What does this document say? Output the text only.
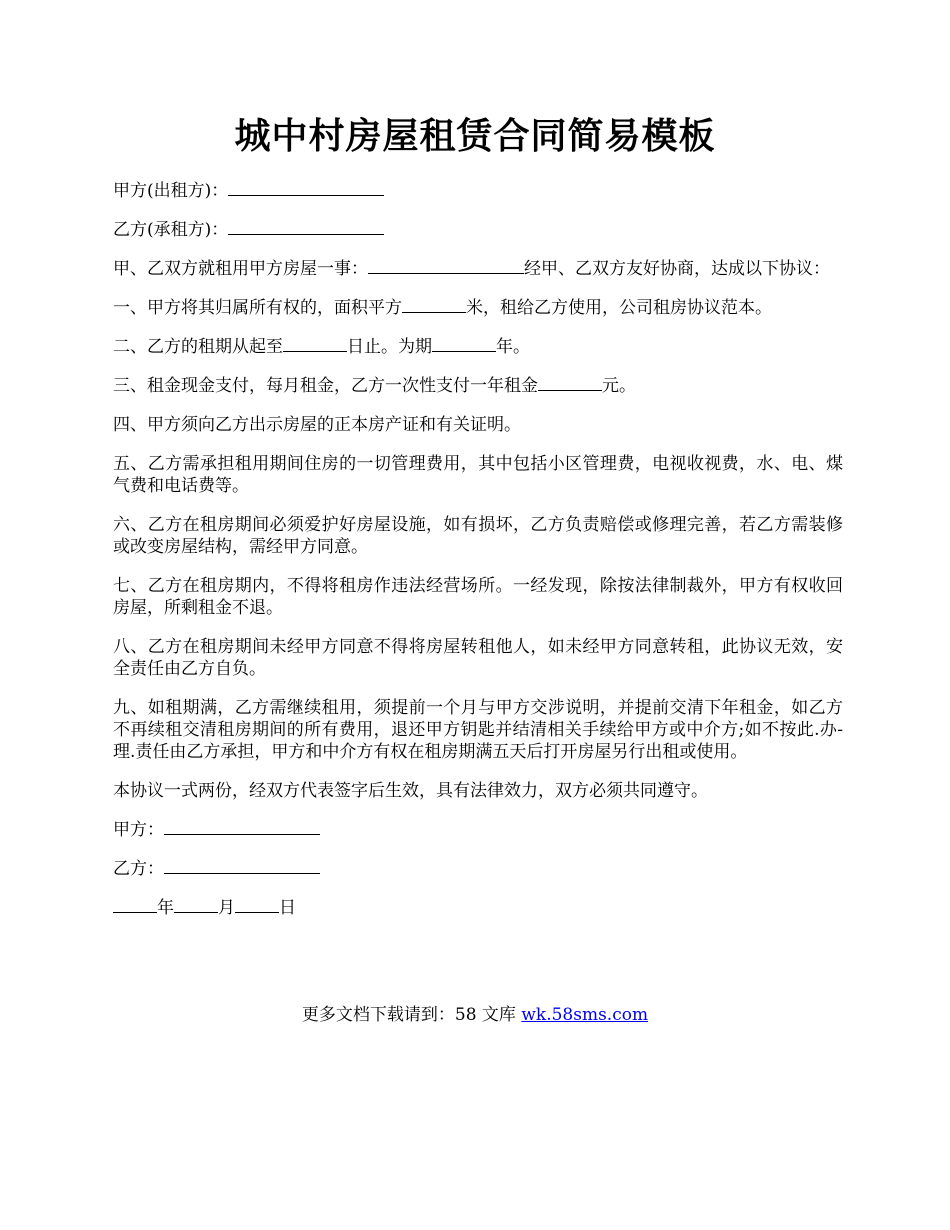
城中村房屋租赁合同简易模板

甲方(出租方)：

乙方(承租方)：

甲、乙双方就租用甲方房屋一事：	经甲、乙双方友好协商，达成以下协议：

一、甲方将其归属所有权的，面积平方	米，租给乙方使用，公司租房协议范本。

二、乙方的租期从起至	日止。为期	年。

三、租金现金支付，每月租金，乙方一次性支付一年租金	元。

四、甲方须向乙方出示房屋的正本房产证和有关证明。

五、乙方需承担租用期间住房的一切管理费用，其中包括小区管理费，电视收视费，水、电、煤气费和电话费等。

六、乙方在租房期间必须爱护好房屋设施，如有损坏，乙方负责赔偿或修理完善，若乙方需装修或改变房屋结构，需经甲方同意。

七、乙方在租房期内，不得将租房作违法经营场所。一经发现，除按法律制裁外，甲方有权收回房屋，所剩租金不退。

八、乙方在租房期间未经甲方同意不得将房屋转租他人，如未经甲方同意转租，此协议无效，安全责任由乙方自负。

九、如租期满，乙方需继续租用，须提前一个月与甲方交涉说明，并提前交清下年租金，如乙方不再续租交清租房期间的所有费用，退还甲方钥匙并结清相关手续给甲方或中介方;如不按此.办-理.责任由乙方承担，甲方和中介方有权在租房期满五天后打开房屋另行出租或使用。

本协议一式两份，经双方代表签字后生效，具有法律效力，双方必须共同遵守。

甲方：

乙方：

年	月	日

更多文档下载请到：58 文库 wk.58sms.com
